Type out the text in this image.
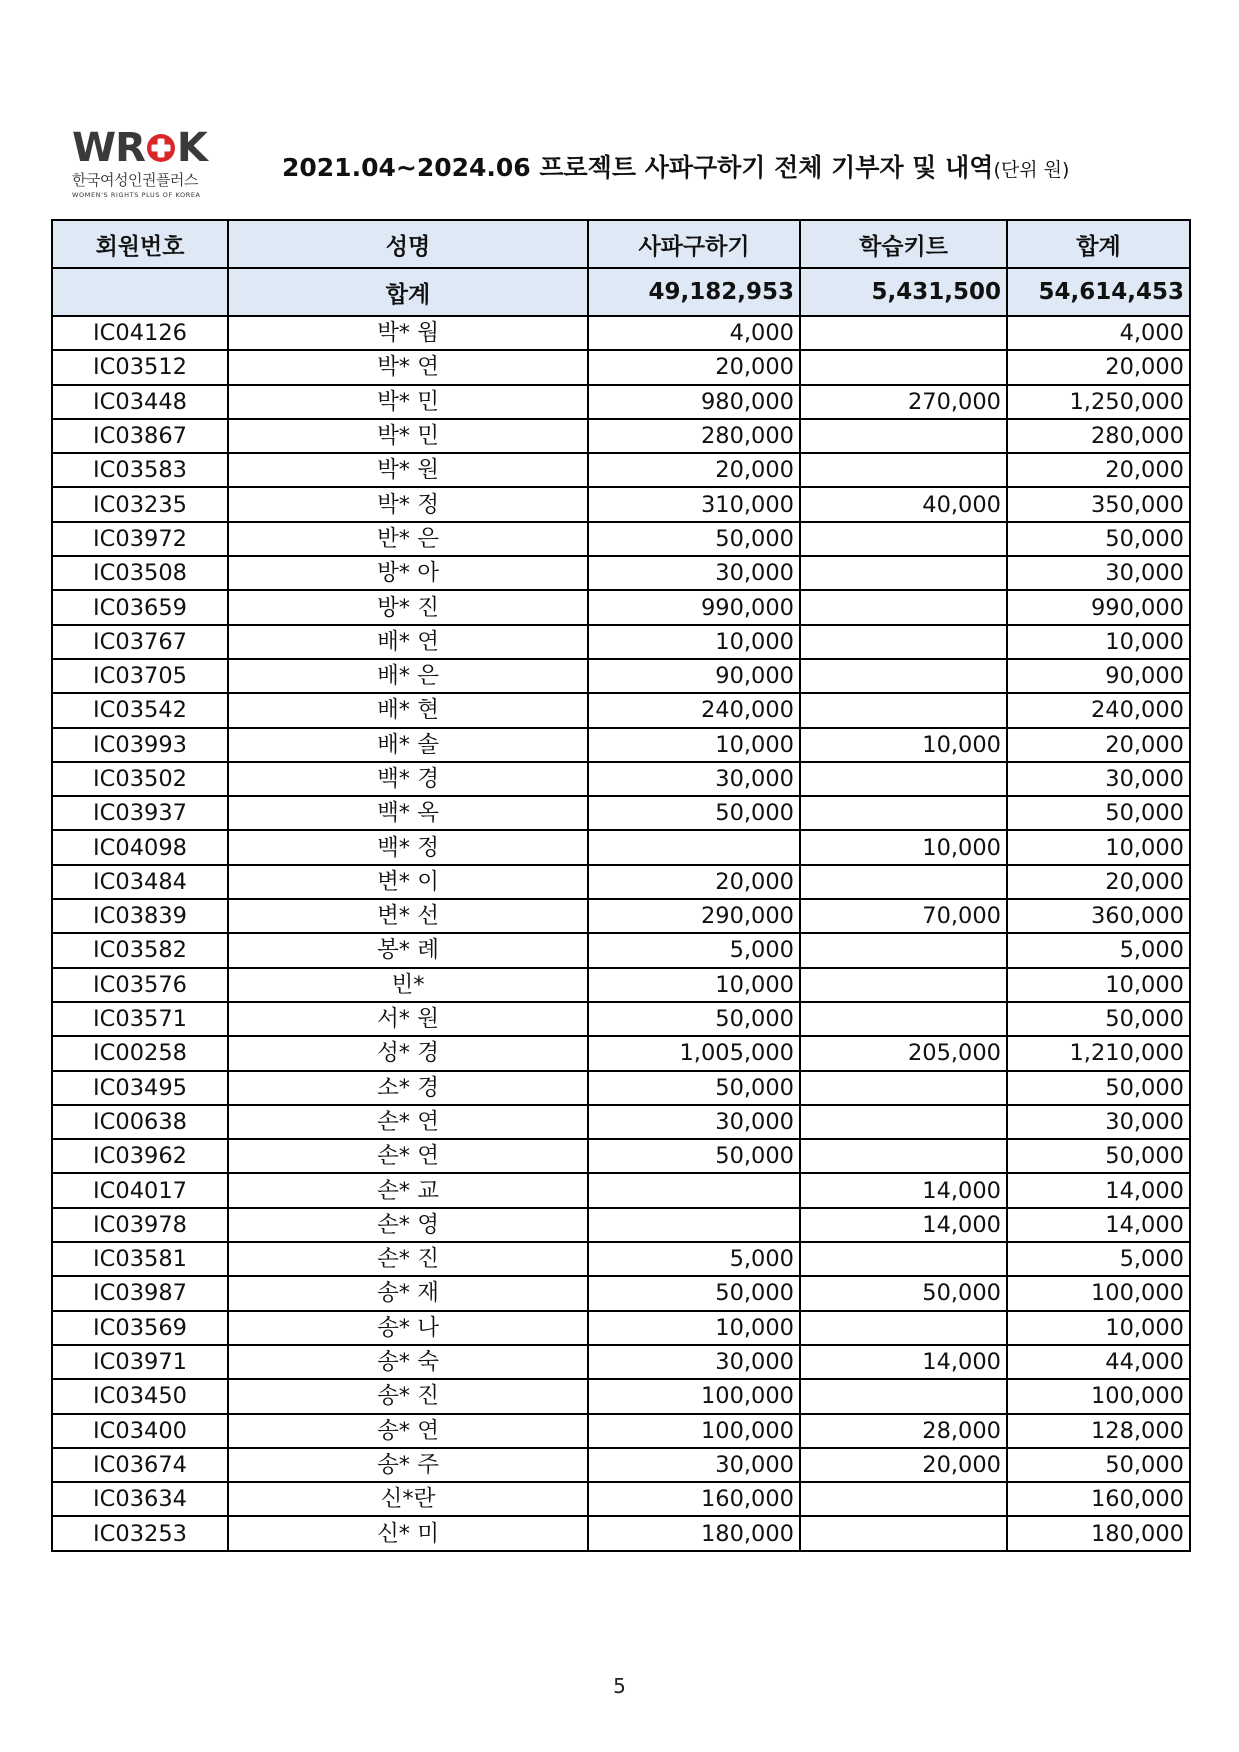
WR K
한국여성인권플러스
WOMEN'S RIGHTS PLUS OF KOREA
2021.04~2024.06 프로젝트 사파구하기 전체 기부자 및 내역(단위 원)
회원번호	성명	사파구하기	학습키트	합계
	합계	49,182,953	5,431,500	54,614,453
IC04126	박* 웜	4,000		4,000
IC03512	박* 연	20,000		20,000
IC03448	박* 민	980,000	270,000	1,250,000
IC03867	박* 민	280,000		280,000
IC03583	박* 원	20,000		20,000
IC03235	박* 정	310,000	40,000	350,000
IC03972	반* 은	50,000		50,000
IC03508	방* 아	30,000		30,000
IC03659	방* 진	990,000		990,000
IC03767	배* 연	10,000		10,000
IC03705	배* 은	90,000		90,000
IC03542	배* 현	240,000		240,000
IC03993	배* 솔	10,000	10,000	20,000
IC03502	백* 경	30,000		30,000
IC03937	백* 옥	50,000		50,000
IC04098	백* 정		10,000	10,000
IC03484	변* 이	20,000		20,000
IC03839	변* 선	290,000	70,000	360,000
IC03582	봉* 례	5,000		5,000
IC03576	빈*	10,000		10,000
IC03571	서* 원	50,000		50,000
IC00258	성* 경	1,005,000	205,000	1,210,000
IC03495	소* 경	50,000		50,000
IC00638	손* 연	30,000		30,000
IC03962	손* 연	50,000		50,000
IC04017	손* 교		14,000	14,000
IC03978	손* 영		14,000	14,000
IC03581	손* 진	5,000		5,000
IC03987	송* 재	50,000	50,000	100,000
IC03569	송* 나	10,000		10,000
IC03971	송* 숙	30,000	14,000	44,000
IC03450	송* 진	100,000		100,000
IC03400	송* 연	100,000	28,000	128,000
IC03674	송* 주	30,000	20,000	50,000
IC03634	신*란	160,000		160,000
IC03253	신* 미	180,000		180,000
5
